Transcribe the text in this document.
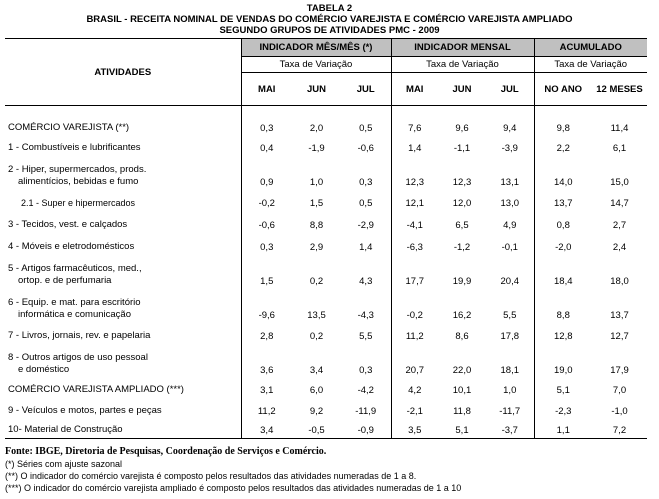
TABELA 2
BRASIL - RECEITA NOMINAL DE VENDAS DO COMÉRCIO VAREJISTA E COMÉRCIO VAREJISTA AMPLIADO
SEGUNDO GRUPOS DE ATIVIDADES PMC - 2009
ATIVIDADES	INDICADOR MÊS/MÊS (*)			INDICADOR MENSAL			ACUMULADO	
	Taxa de Variação			Taxa de Variação			Taxa de Variação	
	MAI	JUN	JUL	MAI	JUN	JUL	NO ANO	12 MESES

COMÉRCIO VAREJISTA (**)	0,3	2,0	0,5	7,6	9,6	9,4	9,8	11,4

1 - Combustíveis e lubrificantes	0,4	-1,9	-0,6	1,4	-1,1	-3,9	2,2	6,1

2 - Hiper, supermercados, prods.
alimentícios, bebidas e fumo	0,9	1,0	0,3	12,3	12,3	13,1	14,0	15,0

2.1 - Super e hipermercados	-0,2	1,5	0,5	12,1	12,0	13,0	13,7	14,7

3 - Tecidos, vest. e calçados	-0,6	8,8	-2,9	-4,1	6,5	4,9	0,8	2,7

4 - Móveis e eletrodomésticos	0,3	2,9	1,4	-6,3	-1,2	-0,1	-2,0	2,4

5 - Artigos farmacêuticos, med.,
ortop. e de perfumaria	1,5	0,2	4,3	17,7	19,9	20,4	18,4	18,0

6 - Equip. e mat. para escritório
informática e comunicação	-9,6	13,5	-4,3	-0,2	16,2	5,5	8,8	13,7

7 - Livros, jornais, rev. e papelaria	2,8	0,2	5,5	11,2	8,6	17,8	12,8	12,7

8 - Outros artigos de uso pessoal
e doméstico	3,6	3,4	0,3	20,7	22,0	18,1	19,0	17,9

COMÉRCIO VAREJISTA AMPLIADO (***)	3,1	6,0	-4,2	4,2	10,1	1,0	5,1	7,0

9 - Veículos e motos, partes e peças	11,2	9,2	-11,9	-2,1	11,8	-11,7	-2,3	-1,0

10- Material de Construção	3,4	-0,5	-0,9	3,5	5,1	-3,7	1,1	7,2
Fonte: IBGE, Diretoria de Pesquisas, Coordenação de Serviços e Comércio.
(*) Séries com ajuste sazonal
(**) O indicador do comércio varejista é composto pelos resultados das atividades numeradas de 1 a 8.
(***) O indicador do comércio varejista ampliado é composto pelos resultados das atividades numeradas de 1 a 10
